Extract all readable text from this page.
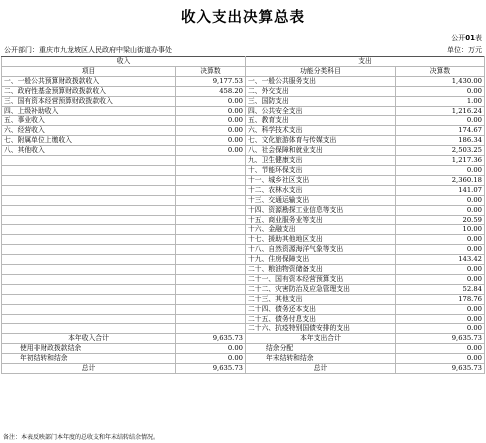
收入支出决算总表
公开01表
公开部门：重庆市九龙坡区人民政府中梁山街道办事处	单位：万元
收入		支出	
项目	决算数	功能分类科目	决算数
一、一般公共预算财政拨款收入	9,177.53	一、一般公共服务支出	1,430.00
二、政府性基金预算财政拨款收入	458.20	二、外交支出	0.00
三、国有资本经营预算财政拨款收入	0.00	三、国防支出	1.00
四、上级补助收入	0.00	四、公共安全支出	1,216.24
五、事业收入	0.00	五、教育支出	0.00
六、经营收入	0.00	六、科学技术支出	174.67
七、附属单位上缴收入	0.00	七、文化旅游体育与传媒支出	186.34
八、其他收入	0.00	八、社会保障和就业支出	2,503.25
		九、卫生健康支出	1,217.36
		十、节能环保支出	0.00
		十一、城乡社区支出	2,360.18
		十二、农林水支出	141.07
		十三、交通运输支出	0.00
		十四、资源勘探工业信息等支出	0.00
		十五、商业服务业等支出	20.59
		十六、金融支出	10.00
		十七、援助其他地区支出	0.00
		十八、自然资源海洋气象等支出	0.00
		十九、住房保障支出	143.42
		二十、粮油物资储备支出	0.00
		二十一、国有资本经营预算支出	0.00
		二十二、灾害防治及应急管理支出	52.84
		二十三、其他支出	178.76
		二十四、债务还本支出	0.00
		二十五、债务付息支出	0.00
		二十六、抗疫特别国债安排的支出	0.00
本年收入合计	9,635.73	本年支出合计	9,635.73
使用非财政拨款结余	0.00	结余分配	0.00
年初结转和结余	0.00	年末结转和结余	0.00
总计	9,635.73	总计	9,635.73
备注：本表反映部门本年度的总收支和年末结转结余情况。
